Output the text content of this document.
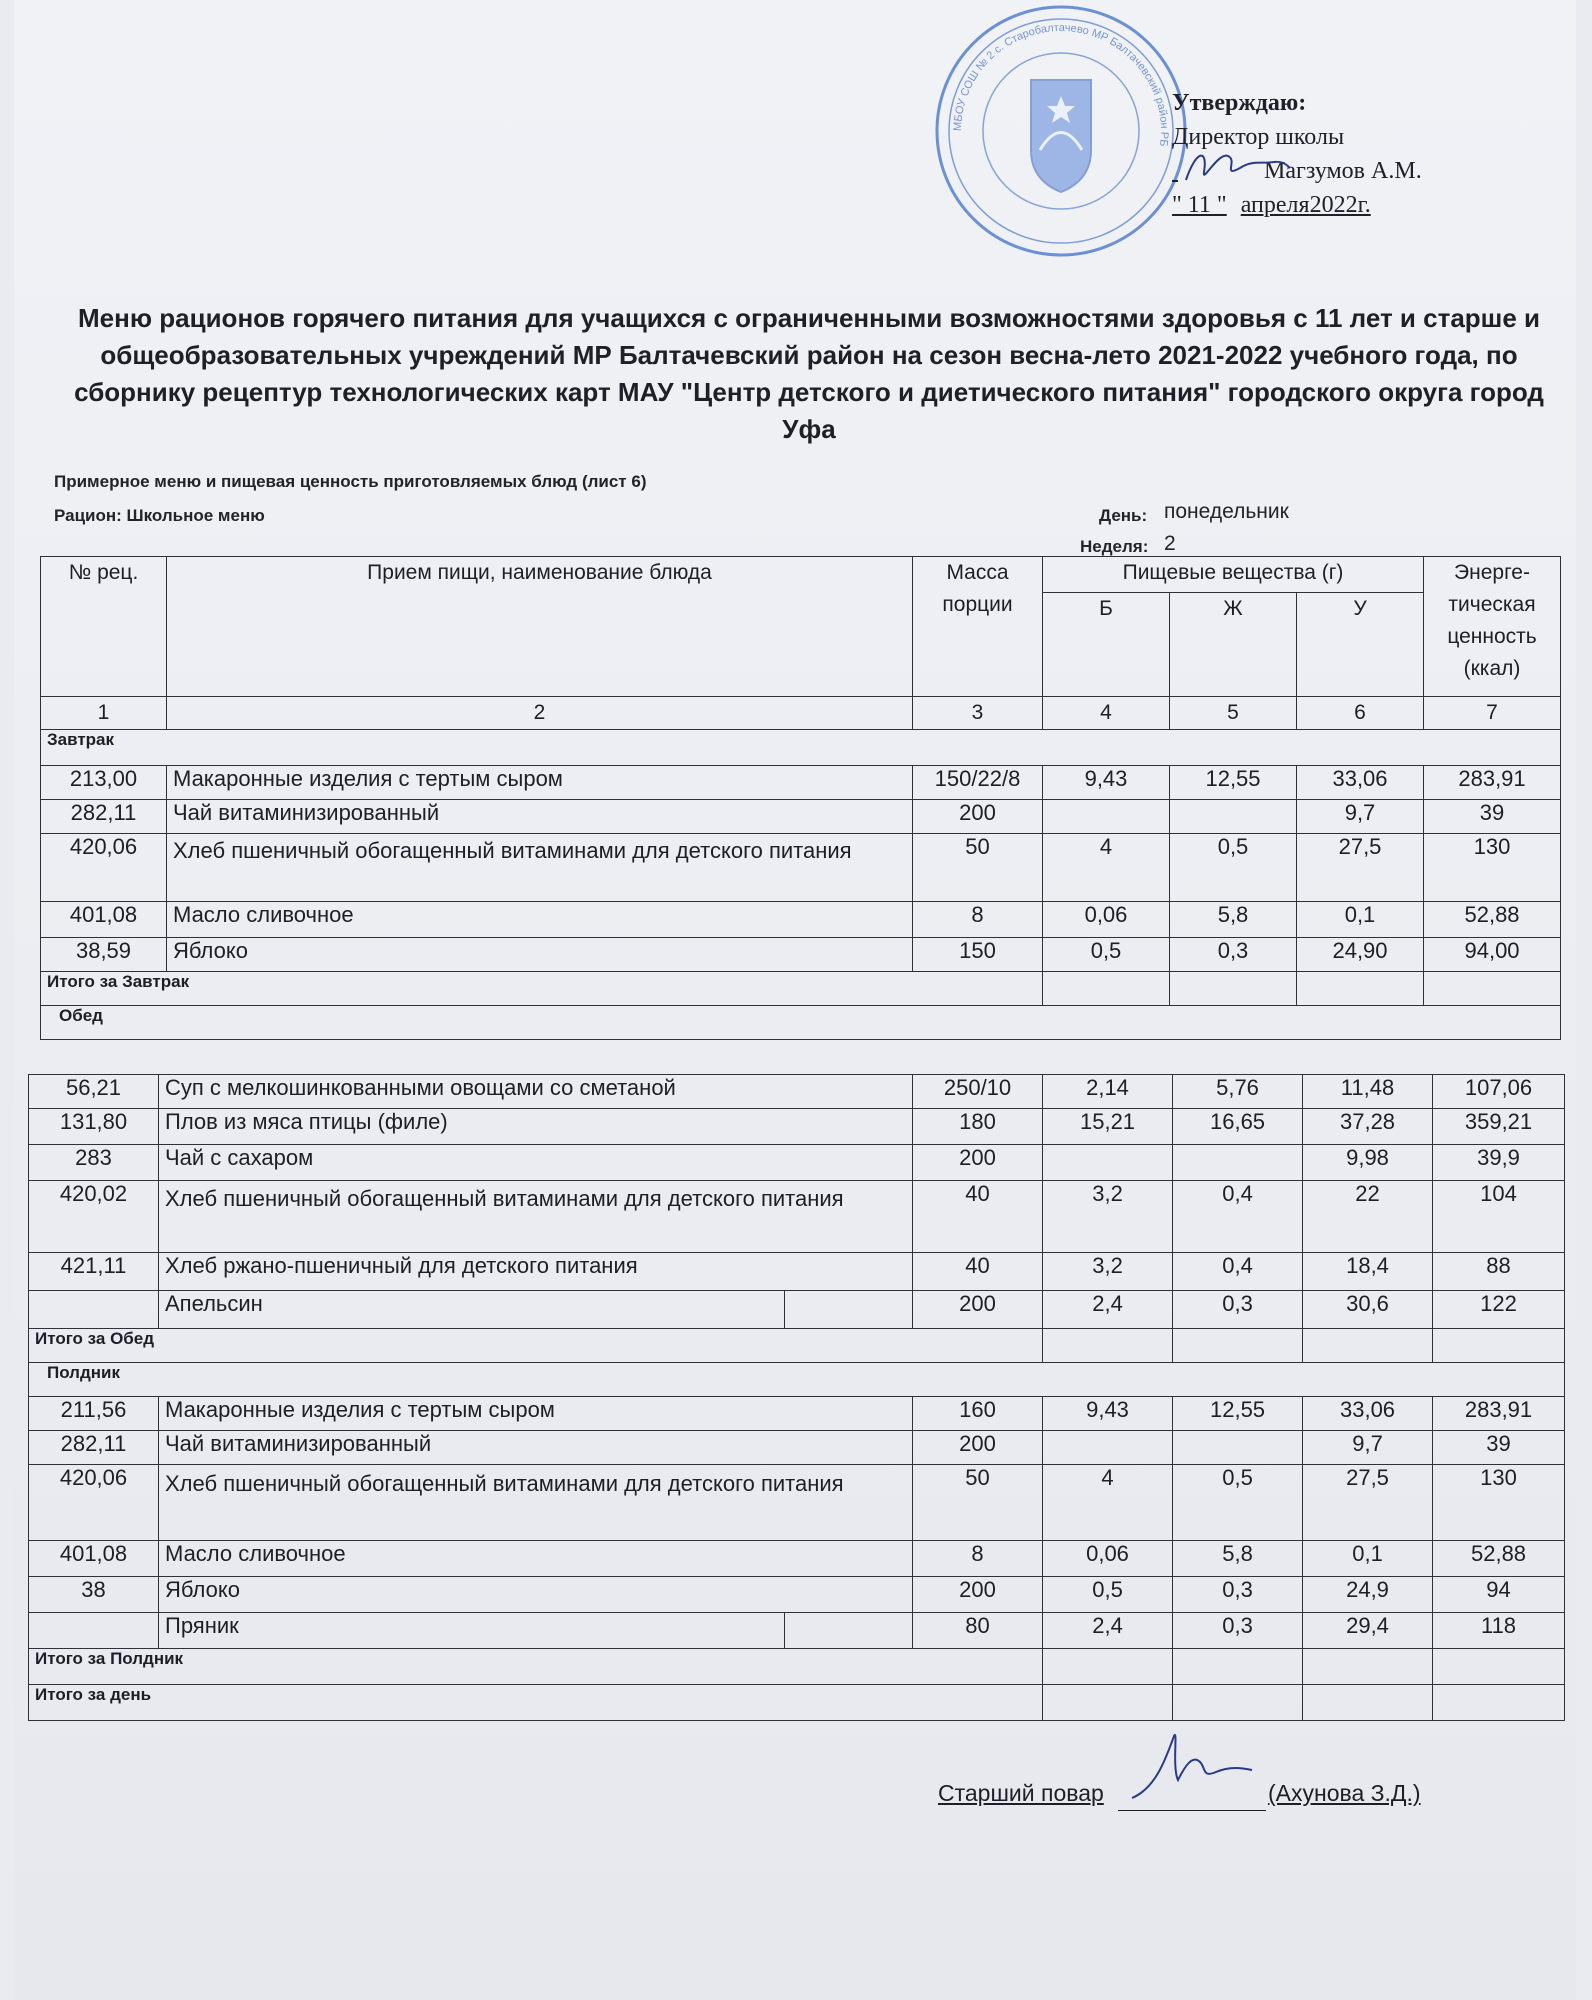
МБОУ СОШ № 2 с. Старобалтачево МР Балтачевский район РБ
Утверждаю:
Директор школы
Магзумов А.М.
" 11 " апреля2022г.
Меню рационов горячего питания для учащихся с ограниченными возможностями здоровья с 11 лет и старше и общеобразовательных учреждений МР Балтачевский район на сезон весна-лето 2021-2022 учебного года, по сборнику рецептур технологических карт МАУ "Центр детского и диетического питания" городского округа город Уфа
Примерное меню и пищевая ценность приготовляемых блюд (лист 6)
Рацион: Школьное меню	День: понедельник
Неделя: 2
№ рец.	Прием пищи, наименование блюда	Масса порции	Пищевые вещества (г)			Энерге-тическая ценность (ккал)
			Б	Ж	У	
1	2	3	4	5	6	7
Завтрак						
213,00	Макаронные изделия с тертым сыром	150/22/8	9,43	12,55	33,06	283,91
282,11	Чай витаминизированный	200			9,7	39
420,06	Хлеб пшеничный обогащенный витаминами для детского питания	50	4	0,5	27,5	130
401,08	Масло сливочное	8	0,06	5,8	0,1	52,88
38,59	Яблоко	150	0,5	0,3	24,90	94,00
Итого за Завтрак						
Обед						
56,21	Суп с мелкошинкованными овощами со сметаной		250/10	2,14	5,76	11,48	107,06
131,80	Плов из мяса птицы (филе)		180	15,21	16,65	37,28	359,21
283	Чай с сахаром		200			9,98	39,9
420,02	Хлеб пшеничный обогащенный витаминами для детского питания		40	3,2	0,4	22	104
421,11	Хлеб ржано-пшеничный для детского питания		40	3,2	0,4	18,4	88
	Апельсин		200	2,4	0,3	30,6	122
Итого за Обед							
Полдник							
211,56	Макаронные изделия с тертым сыром		160	9,43	12,55	33,06	283,91
282,11	Чай витаминизированный		200			9,7	39
420,06	Хлеб пшеничный обогащенный витаминами для детского питания		50	4	0,5	27,5	130
401,08	Масло сливочное		8	0,06	5,8	0,1	52,88
38	Яблоко		200	0,5	0,3	24,9	94
	Пряник		80	2,4	0,3	29,4	118
Итого за Полдник							
Итого за день							
Старший повар	(Ахунова З.Д.)
